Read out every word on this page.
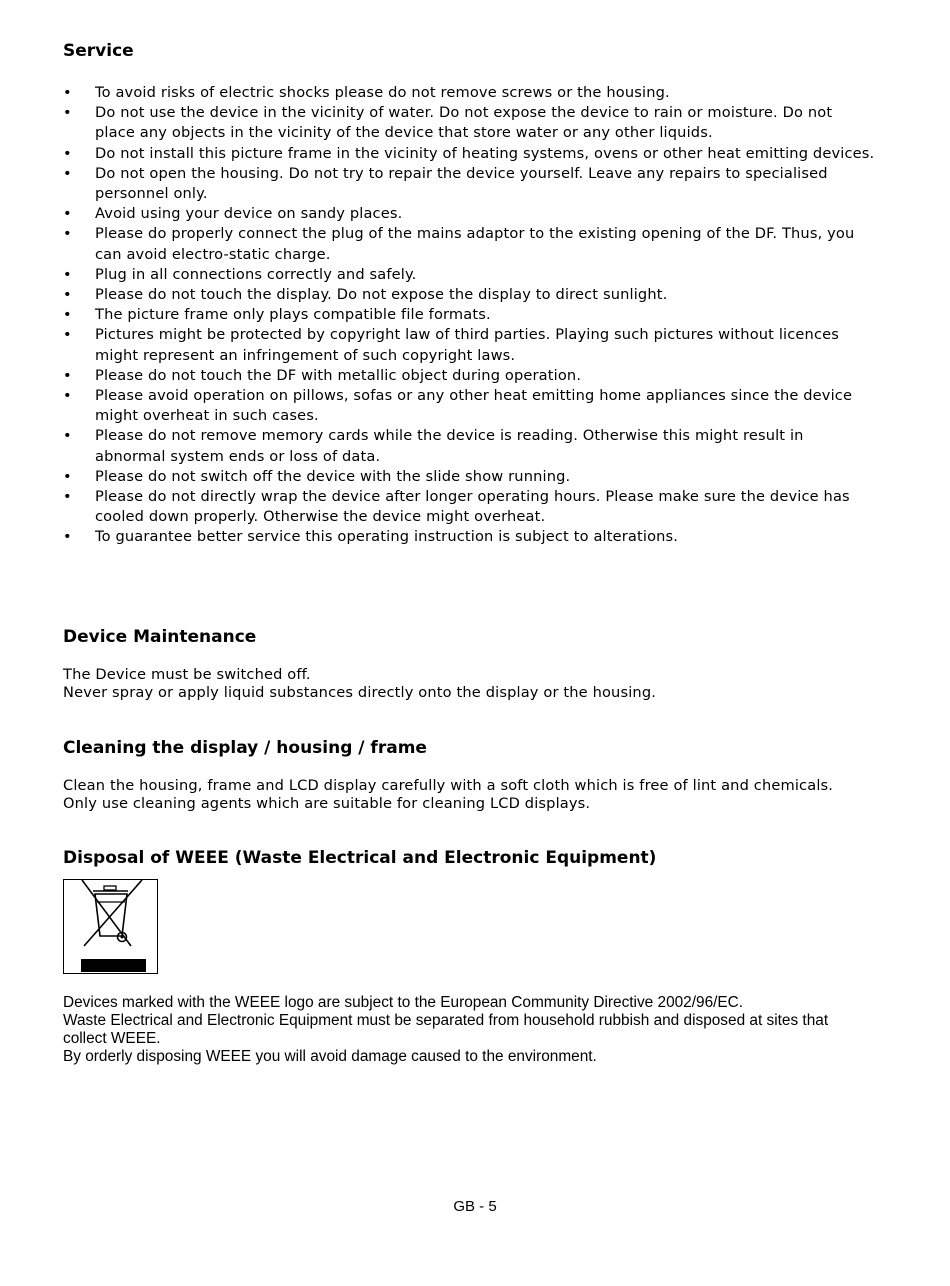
Service
• To avoid risks of electric shocks please do not remove screws or the housing.
• Do not use the device in the vicinity of water. Do not expose the device to rain or moisture. Do not place any objects in the vicinity of the device that store water or any other liquids.
• Do not install this picture frame in the vicinity of heating systems, ovens or other heat emitting devices.
• Do not open the housing. Do not try to repair the device yourself. Leave any repairs to specialised personnel only.
• Avoid using your device on sandy places.
• Please do properly connect the plug of the mains adaptor to the existing opening of the DF. Thus, you can avoid electro-static charge.
• Plug in all connections correctly and safely.
• Please do not touch the display. Do not expose the display to direct sunlight.
• The picture frame only plays compatible file formats.
• Pictures might be protected by copyright law of third parties. Playing such pictures without licences might represent an infringement of such copyright laws.
• Please do not touch the DF with metallic object during operation.
• Please avoid operation on pillows, sofas or any other heat emitting home appliances since the device might overheat in such cases.
• Please do not remove memory cards while the device is reading. Otherwise this might result in abnormal system ends or loss of data.
• Please do not switch off the device with the slide show running.
• Please do not directly wrap the device after longer operating hours. Please make sure the device has cooled down properly. Otherwise the device might overheat.
• To guarantee better service this operating instruction is subject to alterations.
Device Maintenance
The Device must be switched off.
Never spray or apply liquid substances directly onto the display or the housing.
Cleaning the display / housing / frame
Clean the housing, frame and LCD display carefully with a soft cloth which is free of lint and chemicals.
Only use cleaning agents which are suitable for cleaning LCD displays.
Disposal of WEEE (Waste Electrical and Electronic Equipment)
Devices marked with the WEEE logo are subject to the European Community Directive 2002/96/EC.
Waste Electrical and Electronic Equipment must be separated from household rubbish and disposed at sites that collect WEEE.
By orderly disposing WEEE you will avoid damage caused to the environment.
GB - 5
